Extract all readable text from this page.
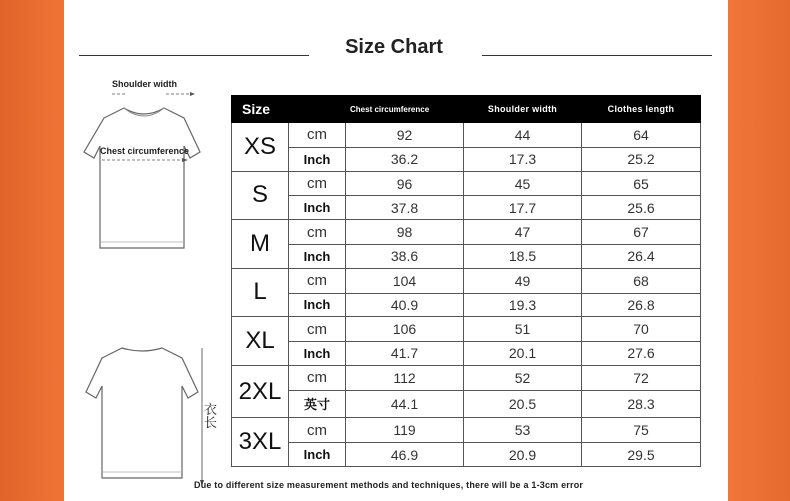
Size Chart
Shoulder width
Chest circumference
衣长
Size		Chest circumference	Shoulder width	Clothes length
XS	cm	92	44	64
	Inch	36.2	17.3	25.2
S	cm	96	45	65
	Inch	37.8	17.7	25.6
M	cm	98	47	67
	Inch	38.6	18.5	26.4
L	cm	104	49	68
	Inch	40.9	19.3	26.8
XL	cm	106	51	70
	Inch	41.7	20.1	27.6
2XL	cm	112	52	72
	英寸	44.1	20.5	28.3
3XL	cm	119	53	75
	Inch	46.9	20.9	29.5
Due to different size measurement methods and techniques, there will be a 1-3cm error
